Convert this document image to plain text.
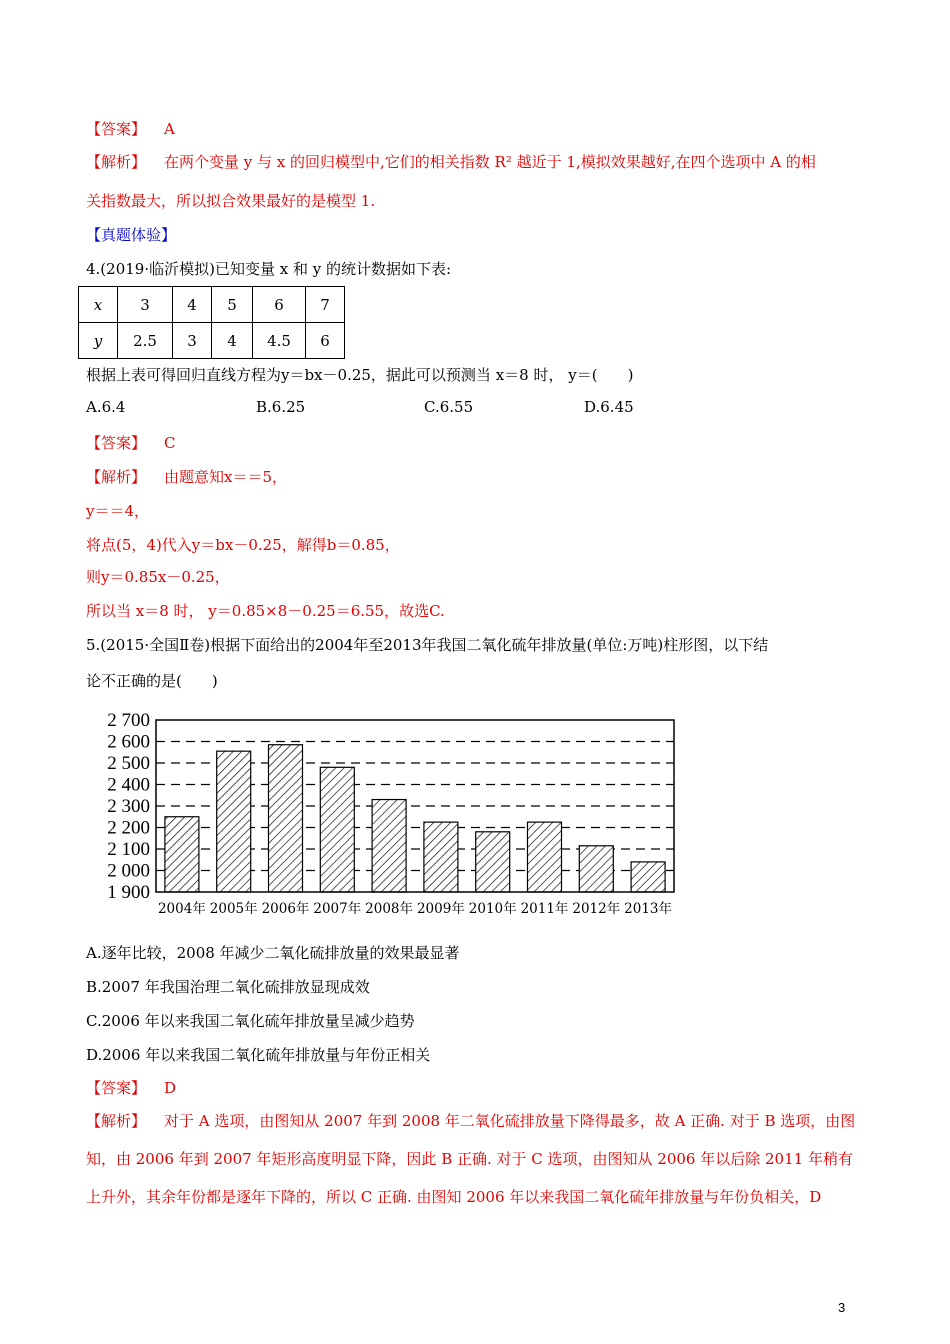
【答案】 A
【解析】 在两个变量 y 与 x 的回归模型中,它们的相关指数 R² 越近于 1,模拟效果越好,在四个选项中 A 的相
关指数最大，所以拟合效果最好的是模型 1.
【真题体验】
4.(2019·临沂模拟)已知变量 x 和 y 的统计数据如下表:
x	3	4	5	6	7
y	2.5	3	4	4.5	6
根据上表可得回归直线方程为y＝bx－0.25，据此可以预测当 x＝8 时， y＝(　　)
A.6.4	B.6.25	C.6.55	D.6.45
【答案】 C
【解析】 由题意知x＝＝5，
y＝＝4，
将点(5，4)代入y＝bx－0.25，解得b＝0.85，
则y＝0.85x－0.25，
所以当 x＝8 时， y＝0.85×8－0.25＝6.55，故选C.
5.(2015·全国Ⅱ卷)根据下面给出的2004年至2013年我国二氧化硫年排放量(单位:万吨)柱形图，以下结
论不正确的是(　　)
1 900
2 000
2 100
2 200
2 300
2 400
2 500
2 600
2 700
2004年 2005年 2006年 2007年 2008年 2009年 2010年 2011年 2012年 2013年
A.逐年比较，2008 年减少二氧化硫排放量的效果最显著
B.2007 年我国治理二氧化硫排放显现成效
C.2006 年以来我国二氧化硫年排放量呈减少趋势
D.2006 年以来我国二氧化硫年排放量与年份正相关
【答案】 D
【解析】 对于 A 选项，由图知从 2007 年到 2008 年二氧化硫排放量下降得最多，故 A 正确. 对于 B 选项，由图
知，由 2006 年到 2007 年矩形高度明显下降，因此 B 正确. 对于 C 选项，由图知从 2006 年以后除 2011 年稍有
上升外，其余年份都是逐年下降的，所以 C 正确. 由图知 2006 年以来我国二氧化硫年排放量与年份负相关，D
3
